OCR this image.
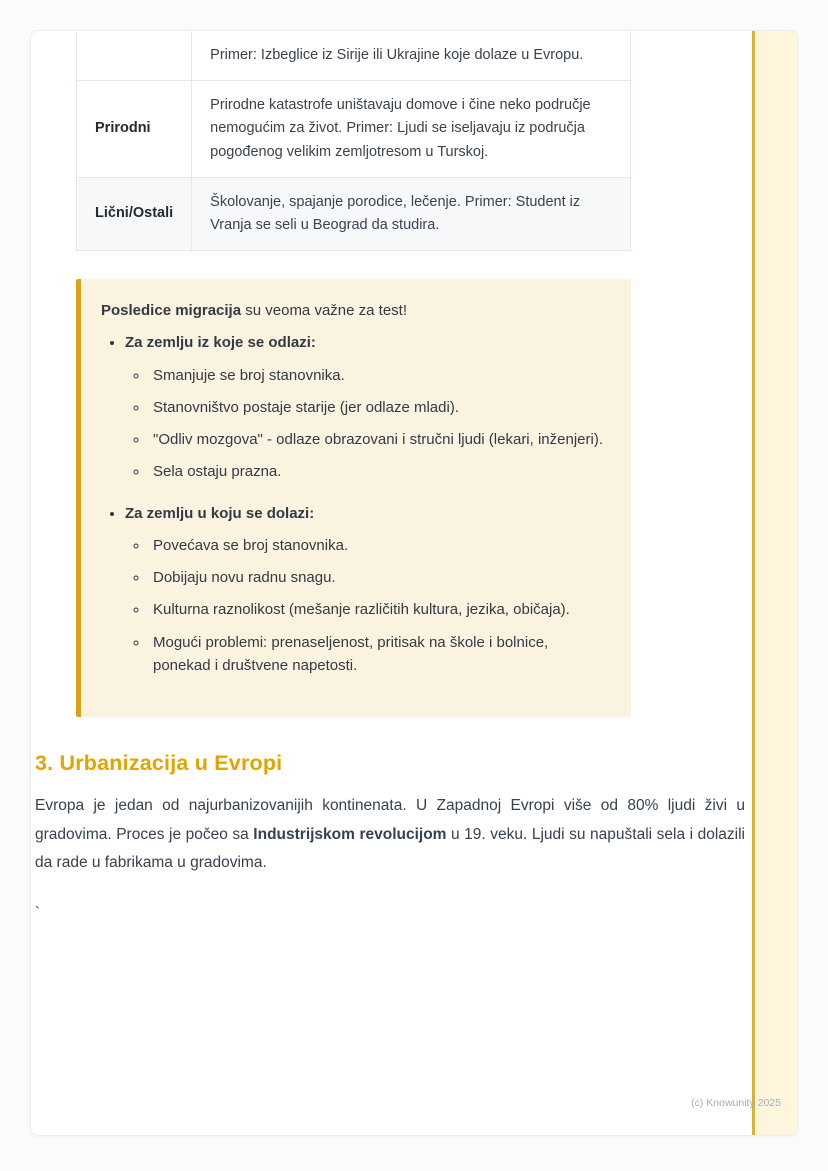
	Primer: Izbeglice iz Sirije ili Ukrajine koje dolaze u Evropu.
Prirodni	Prirodne katastrofe uništavaju domove i čine neko područje nemogućim za život. Primer: Ljudi se iseljavaju iz područja pogođenog velikim zemljotresom u Turskoj.
Lični/Ostali	Školovanje, spajanje porodice, lečenje. Primer: Student iz Vranja se seli u Beograd da studira.
Posledice migracija su veoma važne za test!
• Za zemlju iz koje se odlazi:
◦ Smanjuje se broj stanovnika.
◦ Stanovništvo postaje starije (jer odlaze mladi).
◦ "Odliv mozgova" - odlaze obrazovani i stručni ljudi (lekari, inženjeri).
◦ Sela ostaju prazna.
• Za zemlju u koju se dolazi:
◦ Povećava se broj stanovnika.
◦ Dobijaju novu radnu snagu.
◦ Kulturna raznolikost (mešanje različitih kultura, jezika, običaja).
◦ Mogući problemi: prenaseljenost, pritisak na škole i bolnice, ponekad i društvene napetosti.
3. Urbanizacija u Evropi

Evropa je jedan od najurbanizovanijih kontinenata. U Zapadnoj Evropi više od 80% ljudi živi u gradovima. Proces je počeo sa Industrijskom revolucijom u 19. veku. Ljudi su napuštali sela i dolazili da rade u fabrikama u gradovima.

`
(c) Knowunity 2025
